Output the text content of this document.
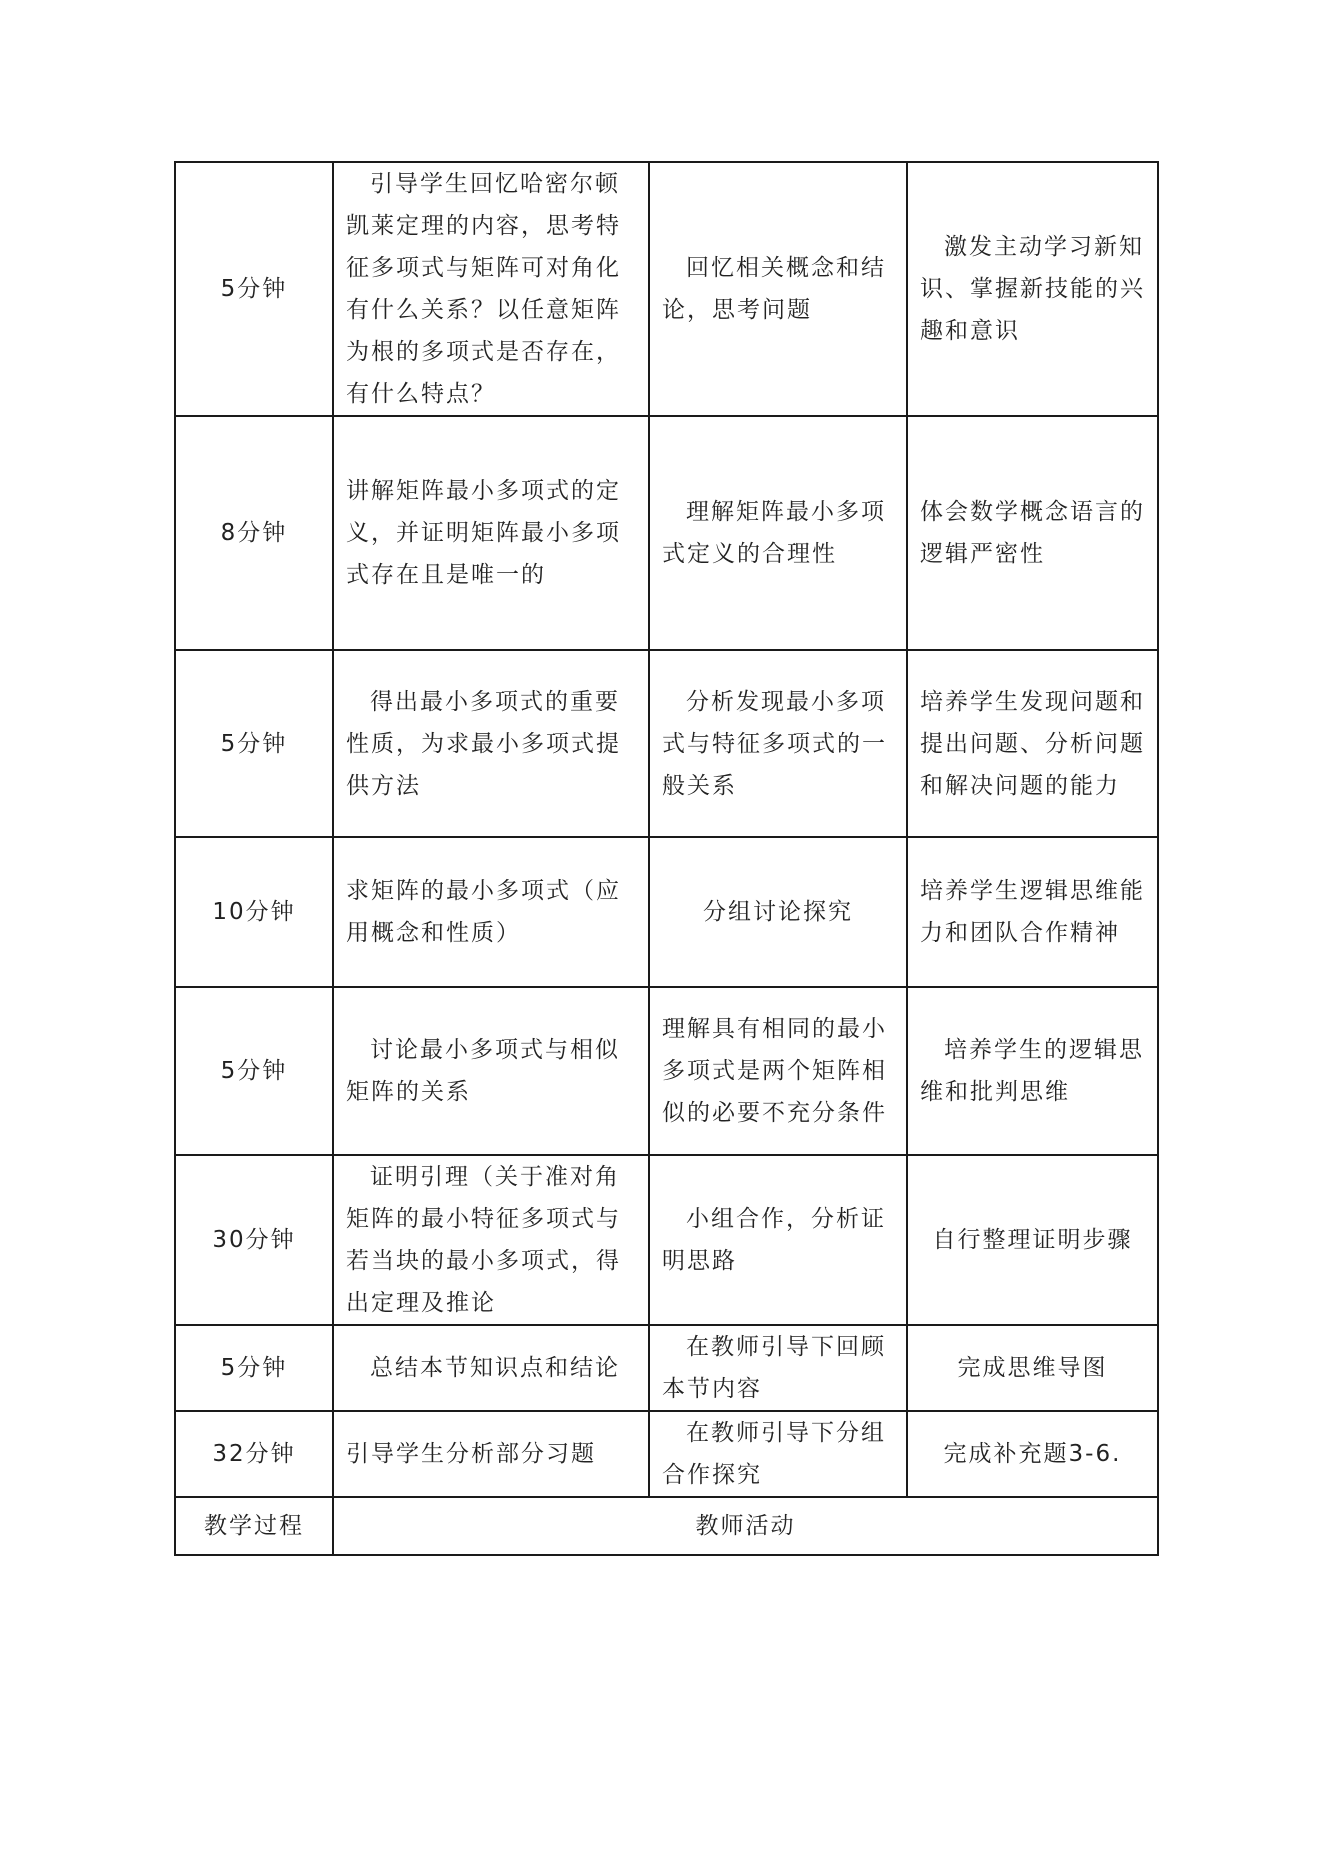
5分钟	引导学生回忆哈密尔顿凯莱定理的内容，思考特征多项式与矩阵可对角化有什么关系？以任意矩阵为根的多项式是否存在，有什么特点？	回忆相关概念和结论，思考问题	激发主动学习新知识、掌握新技能的兴趣和意识
8分钟	讲解矩阵最小多项式的定义，并证明矩阵最小多项式存在且是唯一的	理解矩阵最小多项式定义的合理性	体会数学概念语言的逻辑严密性
5分钟	得出最小多项式的重要性质，为求最小多项式提供方法	分析发现最小多项式与特征多项式的一般关系	培养学生发现问题和提出问题、分析问题和解决问题的能力
10分钟	求矩阵的最小多项式（应用概念和性质）	分组讨论探究	培养学生逻辑思维能力和团队合作精神
5分钟	讨论最小多项式与相似矩阵的关系	理解具有相同的最小多项式是两个矩阵相似的必要不充分条件	培养学生的逻辑思维和批判思维
30分钟	证明引理（关于准对角矩阵的最小特征多项式与若当块的最小多项式，得出定理及推论	小组合作，分析证明思路	自行整理证明步骤
5分钟	总结本节知识点和结论	在教师引导下回顾本节内容	完成思维导图
32分钟	引导学生分析部分习题	在教师引导下分组合作探究	完成补充题3-6.
教学过程	教师活动		
